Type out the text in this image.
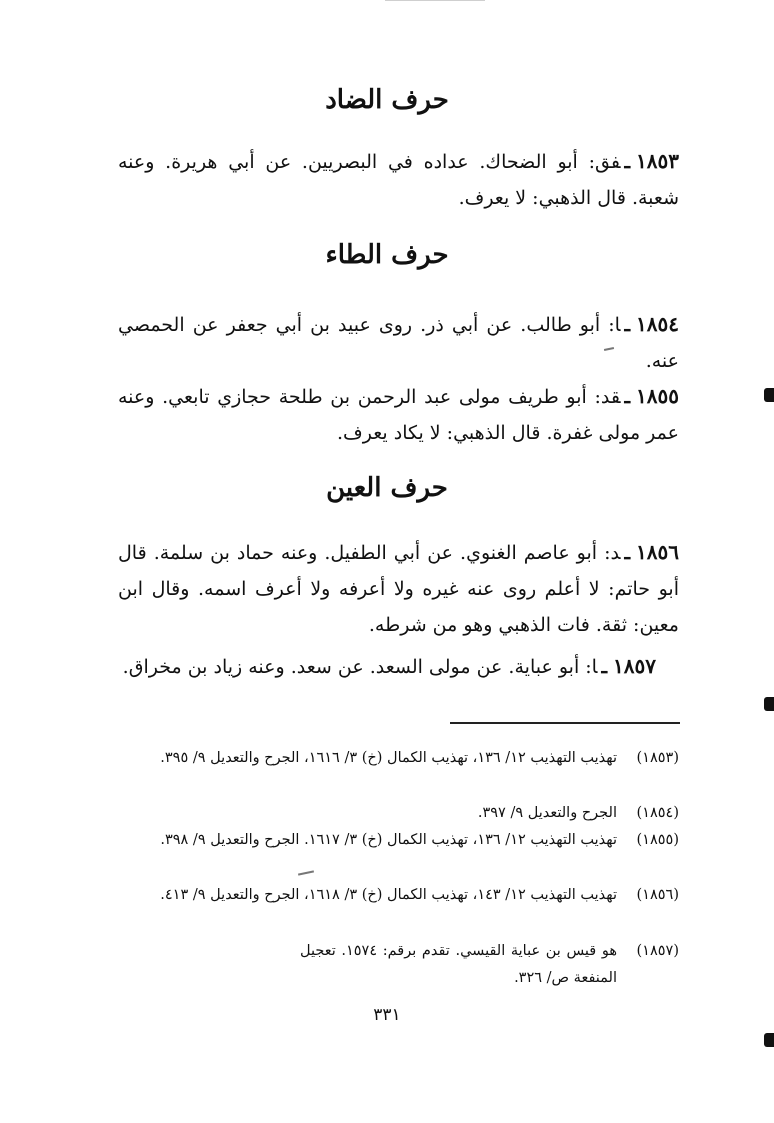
حرف الضاد
١٨٥٣ـفق: أبو الضحاك. عداده في البصريين. عن أبي هريرة. وعنه شعبة. قال الذهبي: لا يعرف.
حرف الطاء
١٨٥٤ـا: أبو طالب. عن أبي ذر. روى عبيد بن أبي جعفر عن الحمصي عنه.
١٨٥٥ـقد: أبو طريف مولى عبد الرحمن بن طلحة حجازي تابعي. وعنه عمر مولى غفرة. قال الذهبي: لا يكاد يعرف.
حرف العين
١٨٥٦ـد: أبو عاصم الغنوي. عن أبي الطفيل. وعنه حماد بن سلمة. قال أبو حاتم: لا أعلم روى عنه غيره ولا أعرفه ولا أعرف اسمه. وقال ابن معين: ثقة. فات الذهبي وهو من شرطه.
١٨٥٧ـا: أبو عباية. عن مولى السعد. عن سعد. وعنه زياد بن مخراق.
(١٨٥٣)
تهذيب التهذيب ١٢/ ١٣٦، تهذيب الكمال (خ) ٣/ ١٦١٦، الجرح والتعديل ٩/ ٣٩٥.
(١٨٥٤)
الجرح والتعديل ٩/ ٣٩٧.
(١٨٥٥)
تهذيب التهذيب ١٢/ ١٣٦، تهذيب الكمال (خ) ٣/ ١٦١٧. الجرح والتعديل ٩/ ٣٩٨.
(١٨٥٦)
تهذيب التهذيب ١٢/ ١٤٣، تهذيب الكمال (خ) ٣/ ١٦١٨، الجرح والتعديل ٩/ ٤١٣.
(١٨٥٧)
هو قيس بن عباية القيسي. تقدم برقم: ١٥٧٤. تعجيل المنفعة ص/ ٣٢٦.
٣٣١
